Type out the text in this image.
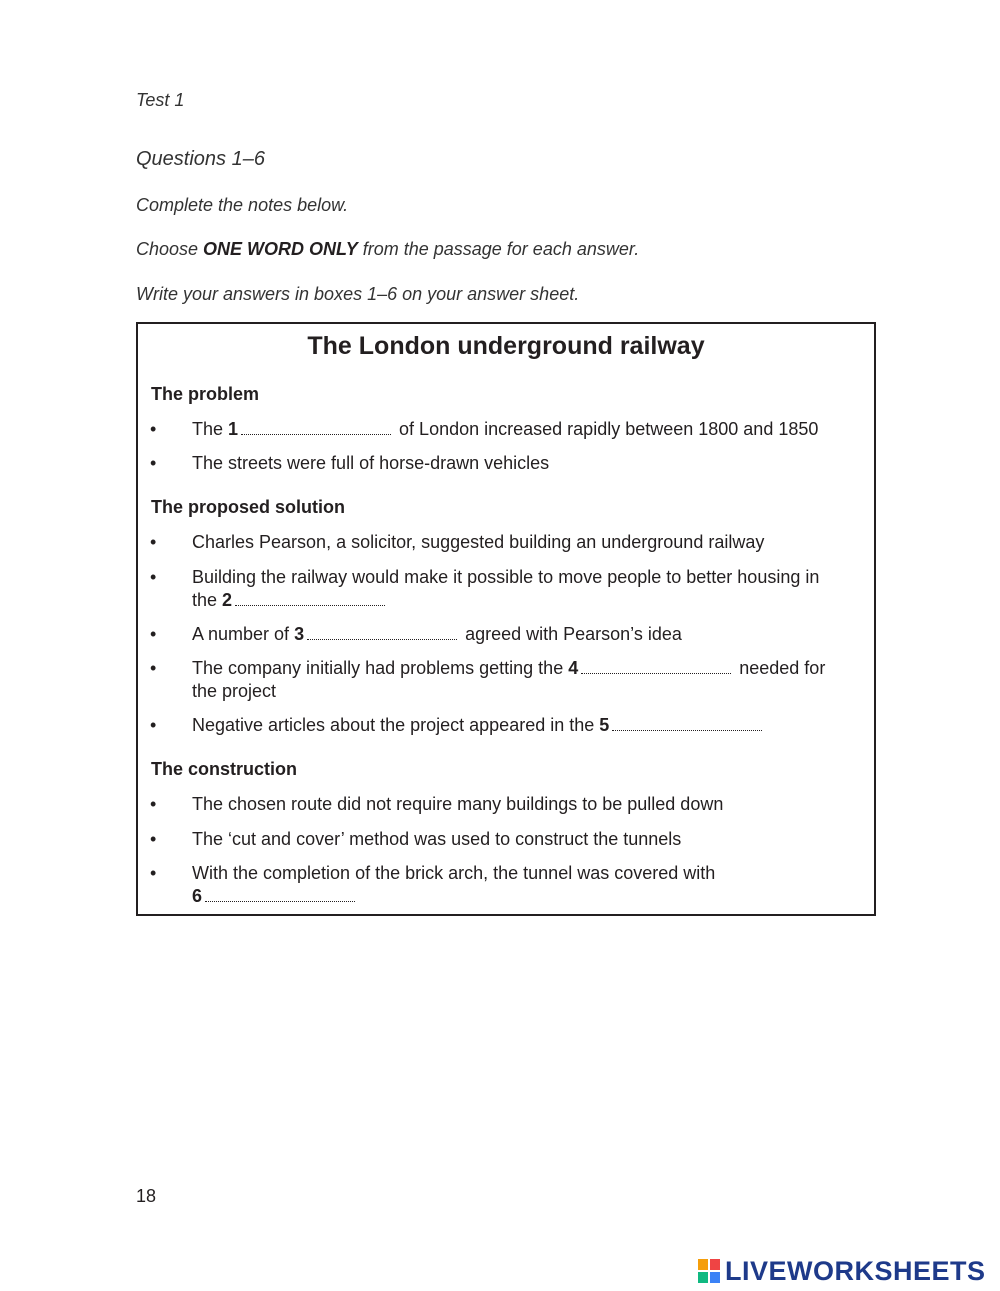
Test 1
Questions 1–6
Complete the notes below.
Choose ONE WORD ONLY from the passage for each answer.
Write your answers in boxes 1–6 on your answer sheet.
The London underground railway
The problem
• The 1	of London increased rapidly between 1800 and 1850
• The streets were full of horse-drawn vehicles
The proposed solution
• Charles Pearson, a solicitor, suggested building an underground railway
• Building the railway would make it possible to move people to better housing in
the 2
• A number of 3	agreed with Pearson’s idea
• The company initially had problems getting the 4	needed for
the project
• Negative articles about the project appeared in the 5
The construction
• The chosen route did not require many buildings to be pulled down
• The ‘cut and cover’ method was used to construct the tunnels
• With the completion of the brick arch, the tunnel was covered with
6
18
LIVEWORKSHEETS
